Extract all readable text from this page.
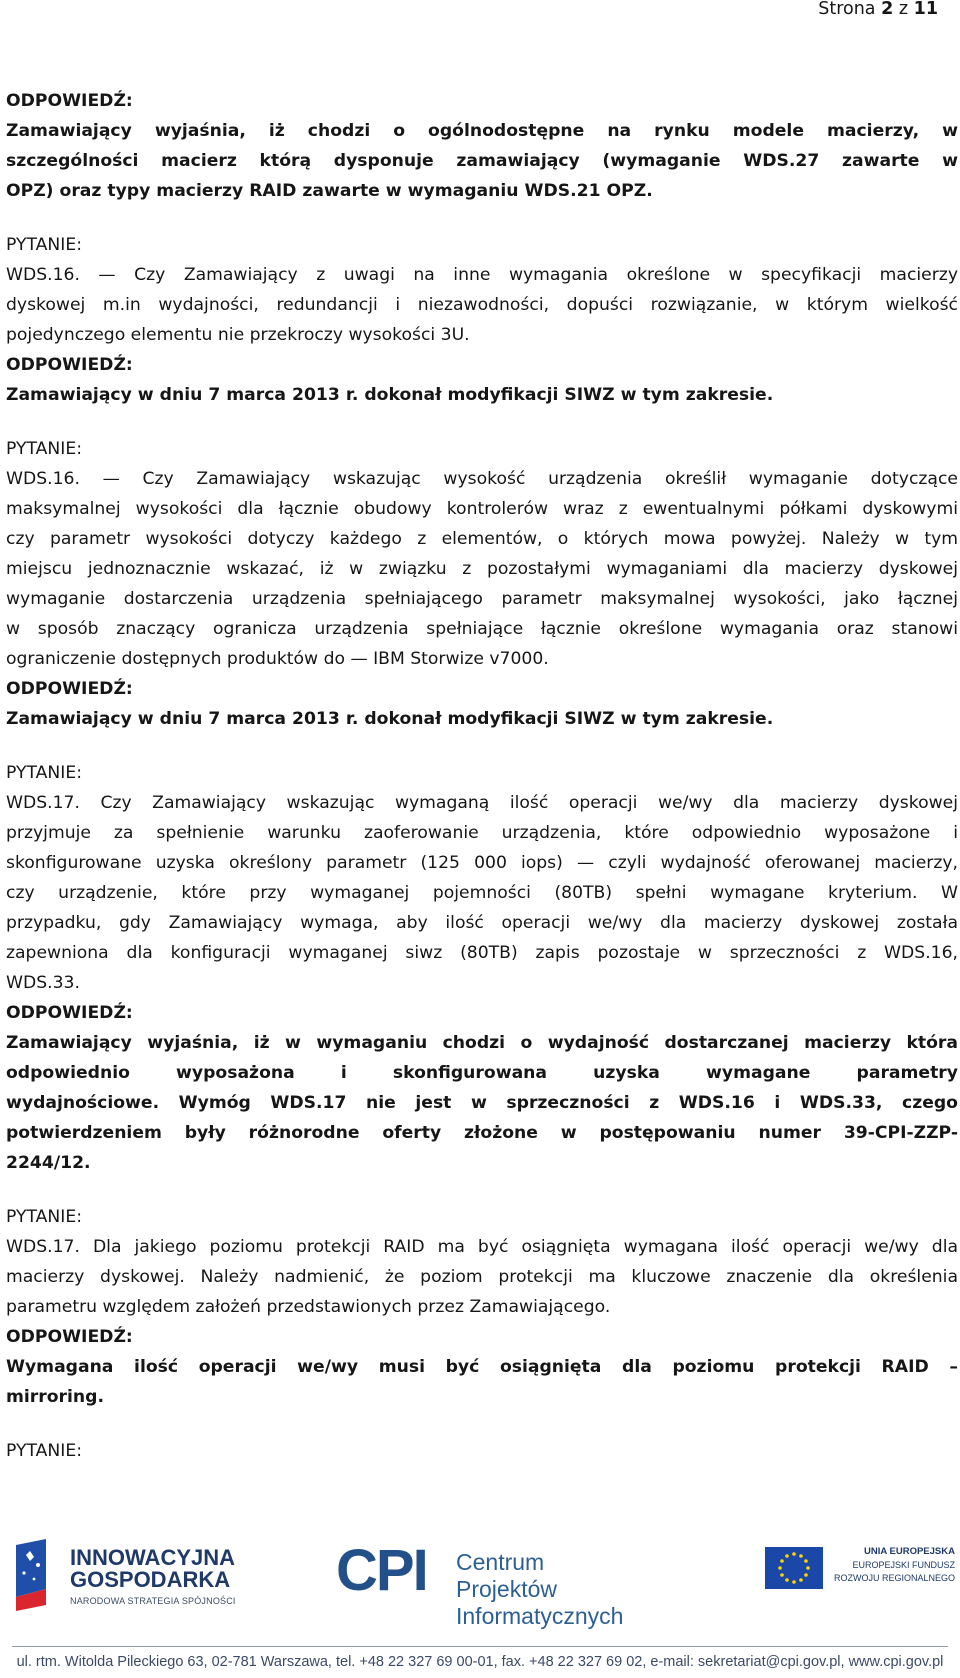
Strona 2 z 11
ODPOWIEDŹ:
Zamawiający wyjaśnia, iż chodzi o ogólnodostępne na rynku modele macierzy, w
szczególności macierz którą dysponuje zamawiający (wymaganie WDS.27 zawarte w
OPZ) oraz typy macierzy RAID zawarte w wymaganiu WDS.21 OPZ.
PYTANIE:
WDS.16. — Czy Zamawiający z uwagi na inne wymagania określone w specyfikacji macierzy
dyskowej m.in wydajności, redundancji i niezawodności, dopuści rozwiązanie, w którym wielkość
pojedynczego elementu nie przekroczy wysokości 3U.
ODPOWIEDŹ:
Zamawiający w dniu 7 marca 2013 r. dokonał modyfikacji SIWZ w tym zakresie.
PYTANIE:
WDS.16. — Czy Zamawiający wskazując wysokość urządzenia określił wymaganie dotyczące
maksymalnej wysokości dla łącznie obudowy kontrolerów wraz z ewentualnymi półkami dyskowymi
czy parametr wysokości dotyczy każdego z elementów, o których mowa powyżej. Należy w tym
miejscu jednoznacznie wskazać, iż w związku z pozostałymi wymaganiami dla macierzy dyskowej
wymaganie dostarczenia urządzenia spełniającego parametr maksymalnej wysokości, jako łącznej
w sposób znaczący ogranicza urządzenia spełniające łącznie określone wymagania oraz stanowi
ograniczenie dostępnych produktów do — IBM Storwize v7000.
ODPOWIEDŹ:
Zamawiający w dniu 7 marca 2013 r. dokonał modyfikacji SIWZ w tym zakresie.
PYTANIE:
WDS.17. Czy Zamawiający wskazując wymaganą ilość operacji we/wy dla macierzy dyskowej
przyjmuje za spełnienie warunku zaoferowanie urządzenia, które odpowiednio wyposażone i
skonfigurowane uzyska określony parametr (125 000 iops) — czyli wydajność oferowanej macierzy,
czy urządzenie, które przy wymaganej pojemności (80TB) spełni wymagane kryterium. W
przypadku, gdy Zamawiający wymaga, aby ilość operacji we/wy dla macierzy dyskowej została
zapewniona dla konfiguracji wymaganej siwz (80TB) zapis pozostaje w sprzeczności z WDS.16,
WDS.33.
ODPOWIEDŹ:
Zamawiający wyjaśnia, iż w wymaganiu chodzi o wydajność dostarczanej macierzy która
odpowiednio wyposażona i skonfigurowana uzyska wymagane parametry
wydajnościowe. Wymóg WDS.17 nie jest w sprzeczności z WDS.16 i WDS.33, czego
potwierdzeniem były różnorodne oferty złożone w postępowaniu numer 39-CPI-ZZP-
2244/12.
PYTANIE:
WDS.17. Dla jakiego poziomu protekcji RAID ma być osiągnięta wymagana ilość operacji we/wy dla
macierzy dyskowej. Należy nadmienić, że poziom protekcji ma kluczowe znaczenie dla określenia
parametru względem założeń przedstawionych przez Zamawiającego.
ODPOWIEDŹ:
Wymagana ilość operacji we/wy musi być osiągnięta dla poziomu protekcji RAID –
mirroring.
PYTANIE:
INNOWACYJNA
GOSPODARKA
NARODOWA STRATEGIA SPÓJNOŚCI CPI Centrum Projektów
Informatycznych
UNIA EUROPEJSKA
EUROPEJSKI FUNDUSZ
ROZWOJU REGIONALNEGO
ul. rtm. Witolda Pileckiego 63, 02-781 Warszawa, tel. +48 22 327 69 00-01, fax. +48 22 327 69 02, e-mail: sekretariat@cpi.gov.pl, www.cpi.gov.pl
